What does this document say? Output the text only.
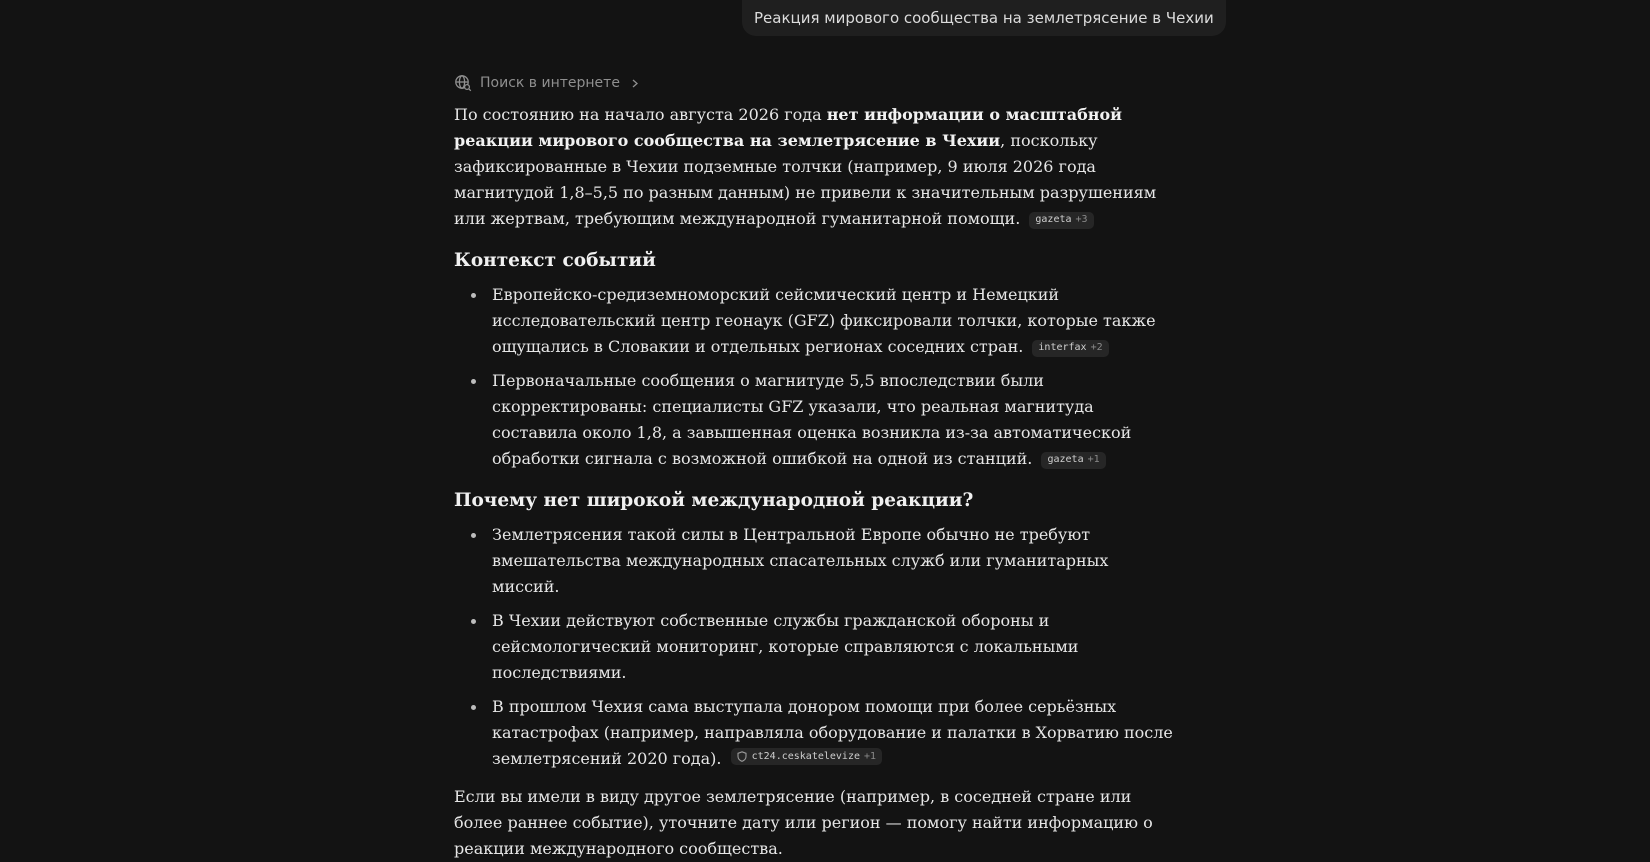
Реакция мирового сообщества на землетрясение в Чехии
Поиск в интернете

По состоянию на начало августа 2026 года нет информации о масштабной реакции мирового сообщества на землетрясение в Чехии, поскольку зафиксированные в Чехии подземные толчки (например, 9 июля 2026 года магнитудой 1,8–5,5 по разным данным) не привели к значительным разрушениям или жертвам, требующим международной гуманитарной помощи. gazeta +3

Контекст событий
Европейско-средиземноморский сейсмический центр и Немецкий исследовательский центр геонаук (GFZ) фиксировали толчки, которые также ощущались в Словакии и отдельных регионах соседних стран. interfax +2
Первоначальные сообщения о магнитуде 5,5 впоследствии были скорректированы: специалисты GFZ указали, что реальная магнитуда составила около 1,8, а завышенная оценка возникла из-за автоматической обработки сигнала с возможной ошибкой на одной из станций. gazeta +1
Почему нет широкой международной реакции?
Землетрясения такой силы в Центральной Европе обычно не требуют вмешательства международных спасательных служб или гуманитарных миссий.
В Чехии действуют собственные службы гражданской обороны и сейсмологический мониторинг, которые справляются с локальными последствиями.
В прошлом Чехия сама выступала донором помощи при более серьёзных катастрофах (например, направляла оборудование и палатки в Хорватию после землетрясений 2020 года).	ct24.ceskatelevize +1

Если вы имели в виду другое землетрясение (например, в соседней стране или более раннее событие), уточните дату или регион — помогу найти информацию о реакции международного сообщества.
